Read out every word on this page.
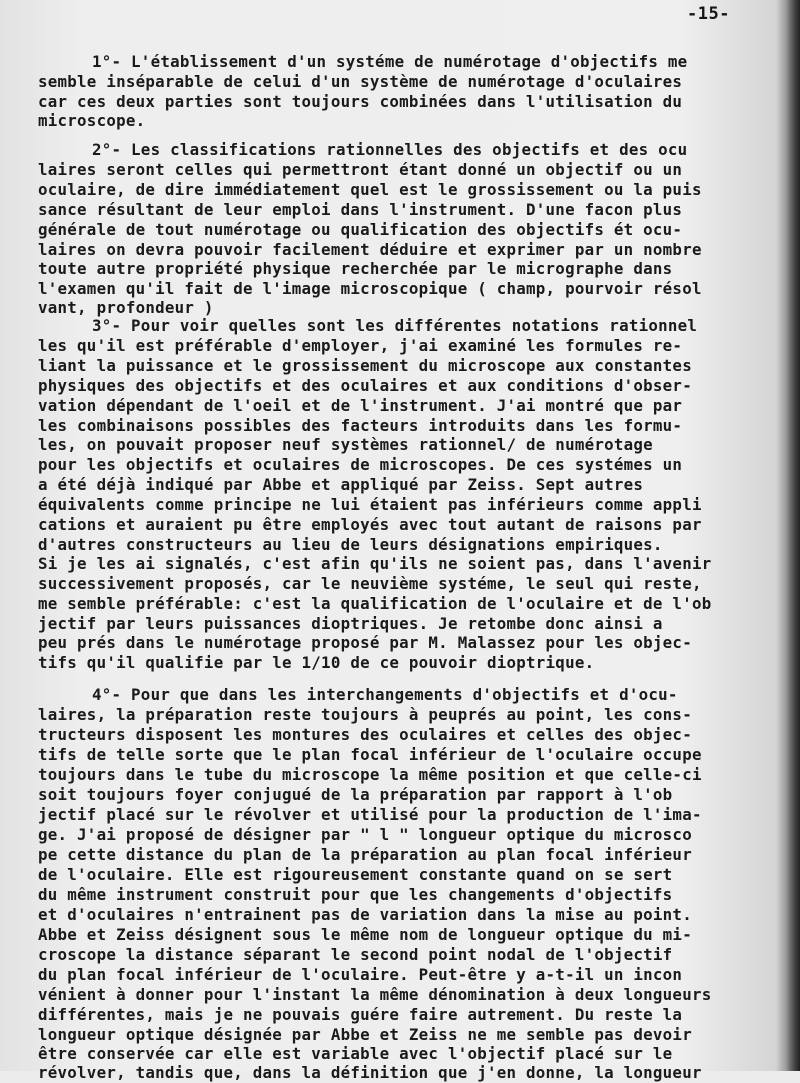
-15-
1°- L'établissement d'un systéme de numérotage d'objectifs me
semble inséparable de celui d'un système de numérotage d'oculaires
car ces deux parties sont toujours combinées dans l'utilisation du
microscope.
2°- Les classifications rationnelles des objectifs et des ocu
laires seront celles qui permettront étant donné un objectif ou un
oculaire, de dire immédiatement quel est le grossissement ou la puis
sance résultant de leur emploi dans l'instrument. D'une facon plus
générale de tout numérotage ou qualification des objectifs ét ocu-
laires on devra pouvoir facilement déduire et exprimer par un nombre
toute autre propriété physique recherchée par le micrographe dans
l'examen qu'il fait de l'image microscopique ( champ, pourvoir résol
vant, profondeur )
3°- Pour voir quelles sont les différentes notations rationnel
les qu'il est préférable d'employer, j'ai examiné les formules re-
liant la puissance et le grossissement du microscope aux constantes
physiques des objectifs et des oculaires et aux conditions d'obser-
vation dépendant de l'oeil et de l'instrument. J'ai montré que par
les combinaisons possibles des facteurs introduits dans les formu-
les, on pouvait proposer neuf systèmes rationnel/ de numérotage
pour les objectifs et oculaires de microscopes. De ces systémes un
a été déjà indiqué par Abbe et appliqué par Zeiss. Sept autres
équivalents comme principe ne lui étaient pas inférieurs comme appli
cations et auraient pu être employés avec tout autant de raisons par
d'autres constructeurs au lieu de leurs désignations empiriques.
Si je les ai signalés, c'est afin qu'ils ne soient pas, dans l'avenir
successivement proposés, car le neuvième systéme, le seul qui reste,
me semble préférable: c'est la qualification de l'oculaire et de l'ob
jectif par leurs puissances dioptriques. Je retombe donc ainsi a
peu prés dans le numérotage proposé par M. Malassez pour les objec-
tifs qu'il qualifie par le 1/10 de ce pouvoir dioptrique.
4°- Pour que dans les interchangements d'objectifs et d'ocu-
laires, la préparation reste toujours à peuprés au point, les cons-
tructeurs disposent les montures des oculaires et celles des objec-
tifs de telle sorte que le plan focal inférieur de l'oculaire occupe
toujours dans le tube du microscope la même position et que celle-ci
soit toujours foyer conjugué de la préparation par rapport à l'ob
jectif placé sur le révolver et utilisé pour la production de l'ima-
ge. J'ai proposé de désigner par " l " longueur optique du microsco
pe cette distance du plan de la préparation au plan focal inférieur
de l'oculaire. Elle est rigoureusement constante quand on se sert
du même instrument construit pour que les changements d'objectifs
et d'oculaires n'entrainent pas de variation dans la mise au point.
Abbe et Zeiss désignent sous le même nom de longueur optique du mi-
croscope la distance séparant le second point nodal de l'objectif
du plan focal inférieur de l'oculaire. Peut-être y a-t-il un incon
vénient à donner pour l'instant la même dénomination à deux longueurs
différentes, mais je ne pouvais guére faire autrement. Du reste la
longueur optique désignée par Abbe et Zeiss ne me semble pas devoir
être conservée car elle est variable avec l'objectif placé sur le
révolver, tandis que, dans la définition que j'en donne, la longueur
